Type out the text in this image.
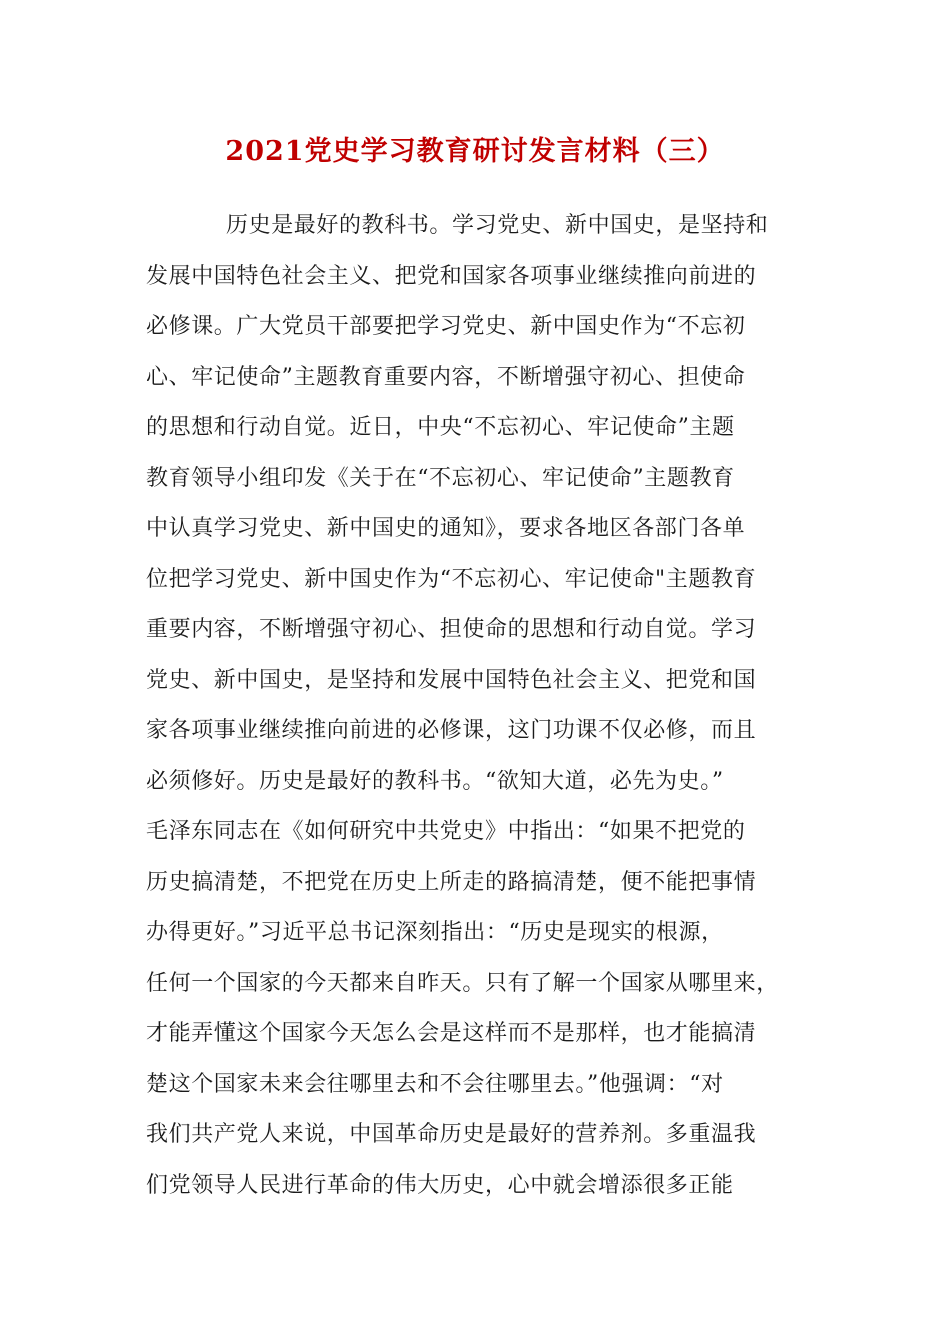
2021党史学习教育研讨发言材料（三）
历史是最好的教科书。学习党史、新中国史，是坚持和
发展中国特色社会主义、把党和国家各项事业继续推向前进的
必修课。广大党员干部要把学习党史、新中国史作为“不忘初
心、牢记使命”主题教育重要内容，不断增强守初心、担使命
的思想和行动自觉。近日，中央“不忘初心、牢记使命”主题
教育领导小组印发《关于在“不忘初心、牢记使命”主题教育
中认真学习党史、新中国史的通知》，要求各地区各部门各单
位把学习党史、新中国史作为“不忘初心、牢记使命"主题教育
重要内容，不断增强守初心、担使命的思想和行动自觉。学习
党史、新中国史，是坚持和发展中国特色社会主义、把党和国
家各项事业继续推向前进的必修课，这门功课不仅必修，而且
必须修好。历史是最好的教科书。“欲知大道，必先为史。”
毛泽东同志在《如何研究中共党史》中指出：“如果不把党的
历史搞清楚，不把党在历史上所走的路搞清楚，便不能把事情
办得更好。”习近平总书记深刻指出：“历史是现实的根源，
任何一个国家的今天都来自昨天。只有了解一个国家从哪里来，
才能弄懂这个国家今天怎么会是这样而不是那样，也才能搞清
楚这个国家未来会往哪里去和不会往哪里去。”他强调：“对
我们共产党人来说，中国革命历史是最好的营养剂。多重温我
们党领导人民进行革命的伟大历史，心中就会增添很多正能
